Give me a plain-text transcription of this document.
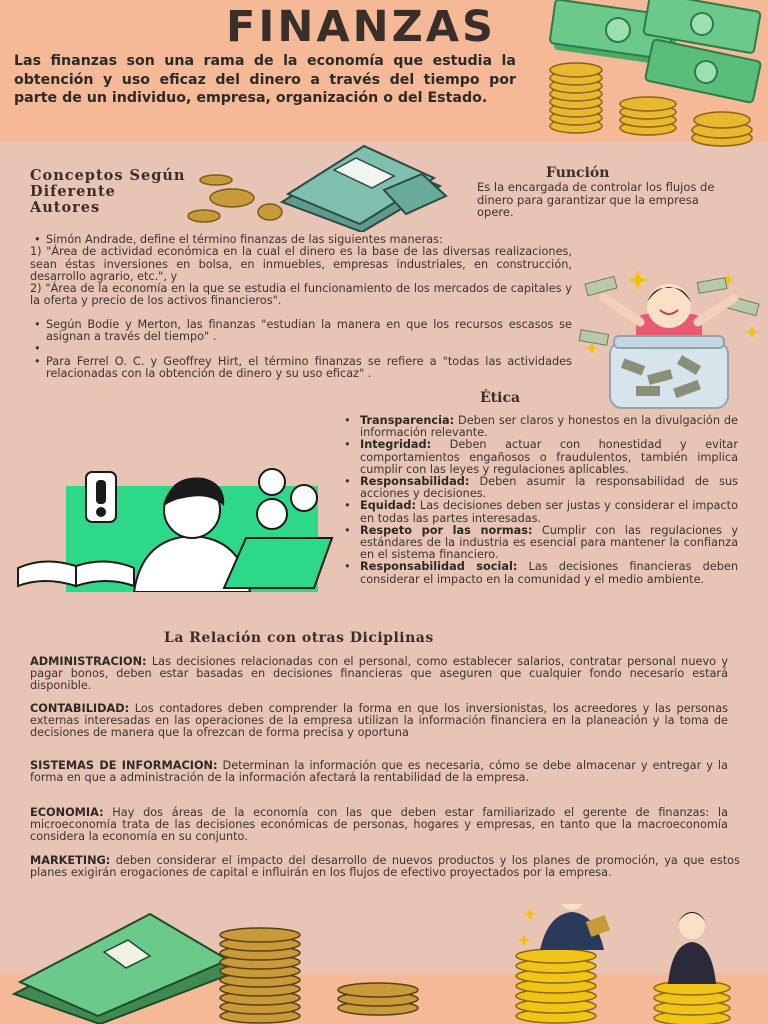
FINANZAS
Las finanzas son una rama de la economía que estudia la obtención y uso eficaz del dinero a través del tiempo por parte de un individuo, empresa, organización o del Estado.
Conceptos Según Diferente Autores
Función
Es la encargada de controlar los flujos de dinero para garantizar que la empresa opere.
• Simón Andrade, define el término finanzas de las siguientes maneras:
1) "Área de actividad económica en la cual el dinero es la base de las diversas realizaciones, sean éstas inversiones en bolsa, en inmuebles, empresas industriales, en construcción, desarrollo agrario, etc.", y
2) "Área de la economía en la que se estudia el funcionamiento de los mercados de capitales y la oferta y precio de los activos financieros".
• Según Bodie y Merton, las finanzas "estudian la manera en que los recursos escasos se asignan a través del tiempo" .
•
• Para Ferrel O. C. y Geoffrey Hirt, el término finanzas se refiere a "todas las actividades relacionadas con la obtención de dinero y su uso eficaz" .
Ética
• Transparencia: Deben ser claros y honestos en la divulgación de información relevante.
• Integridad: Deben actuar con honestidad y evitar comportamientos engañosos o fraudulentos, también implica cumplir con las leyes y regulaciones aplicables.
• Responsabilidad: Deben asumir la responsabilidad de sus acciones y decisiones.
• Equidad: Las decisiones deben ser justas y considerar el impacto en todas las partes interesadas.
• Respeto por las normas: Cumplir con las regulaciones y estándares de la industria es esencial para mantener la confianza en el sistema financiero.
• Responsabilidad social: Las decisiones financieras deben considerar el impacto en la comunidad y el medio ambiente.
La Relación con otras Diciplinas
ADMINISTRACION: Las decisiones relacionadas con el personal, como establecer salarios, contratar personal nuevo y pagar bonos, deben estar basadas en decisiones financieras que aseguren que cualquier fondo necesario estará disponible.
CONTABILIDAD: Los contadores deben comprender la forma en que los inversionistas, los acreedores y las personas externas interesadas en las operaciones de la empresa utilizan la información financiera en la planeación y la toma de decisiones de manera que la ofrezcan de forma precisa y oportuna
SISTEMAS DE INFORMACION: Determinan la información que es necesaria, cómo se debe almacenar y entregar y la forma en que a administración de la información afectará la rentabilidad de la empresa.
ECONOMIA: Hay dos áreas de la economía con las que deben estar familiarizado el gerente de finanzas: la microeconomía trata de las decisiones económicas de personas, hogares y empresas, en tanto que la macroeconomía considera la economía en su conjunto.
MARKETING: deben considerar el impacto del desarrollo de nuevos productos y los planes de promoción, ya que estos planes exigirán erogaciones de capital e influirán en los flujos de efectivo proyectados por la empresa.
